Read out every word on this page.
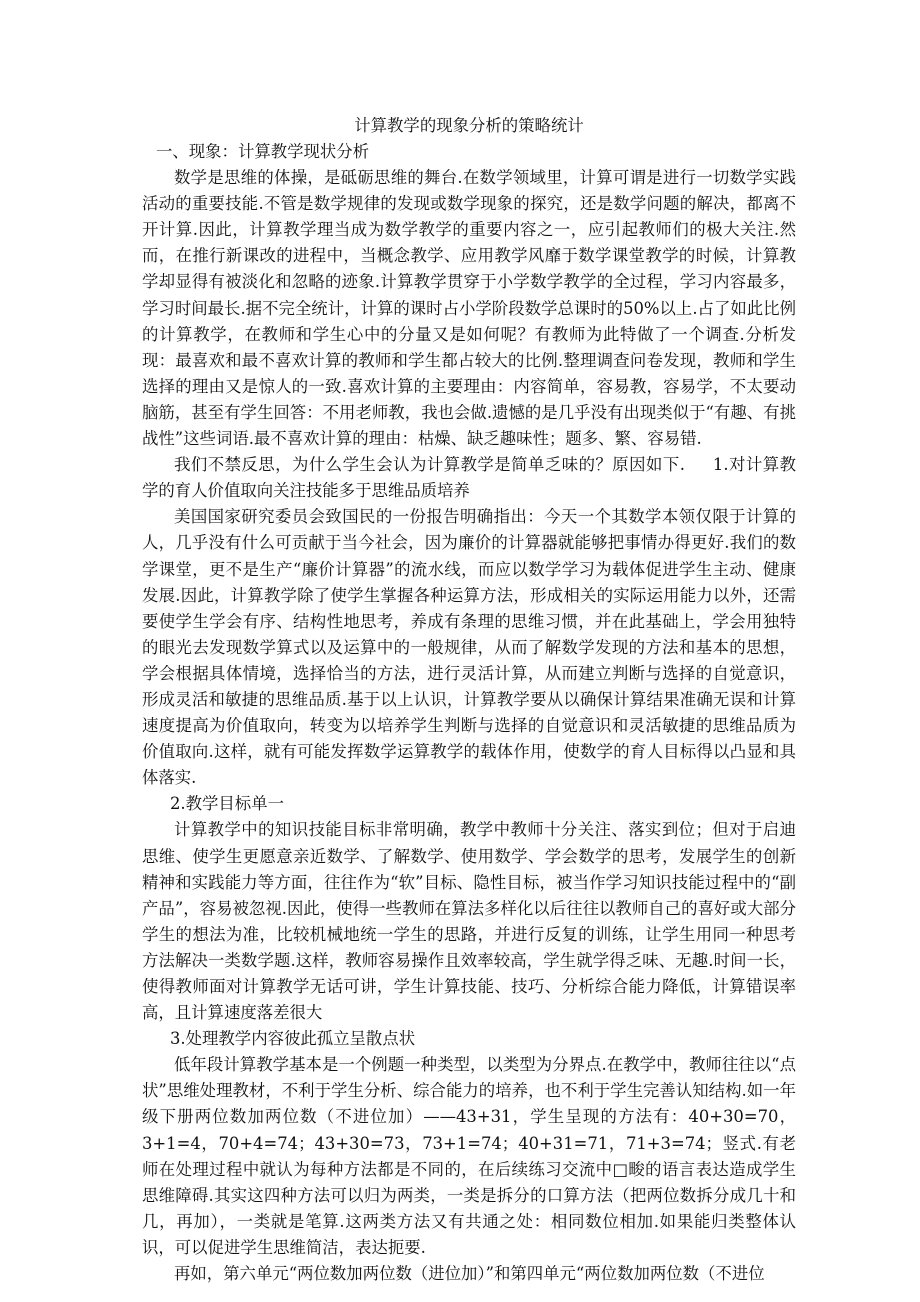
计算教学的现象分析的策略统计

一、现象：计算教学现状分析

数学是思维的体操，是砥砺思维的舞台.在数学领域里，计算可谓是进行一切数学实践活动的重要技能.不管是数学规律的发现或数学现象的探究，还是数学问题的解决，都离不开计算.因此，计算教学理当成为数学教学的重要内容之一，应引起教师们的极大关注.然而，在推行新课改的进程中，当概念教学、应用教学风靡于数学课堂教学的时候，计算教学却显得有被淡化和忽略的迹象.计算教学贯穿于小学数学教学的全过程，学习内容最多，学习时间最长.据不完全统计，计算的课时占小学阶段数学总课时的50%以上.占了如此比例的计算教学，在教师和学生心中的分量又是如何呢？有教师为此特做了一个调查.分析发现：最喜欢和最不喜欢计算的教师和学生都占较大的比例.整理调查问卷发现，教师和学生选择的理由又是惊人的一致.喜欢计算的主要理由：内容简单，容易教，容易学，不太要动脑筋，甚至有学生回答：不用老师教，我也会做.遗憾的是几乎没有出现类似于“有趣、有挑战性”这些词语.最不喜欢计算的理由：枯燥、缺乏趣味性；题多、繁、容易错.

我们不禁反思，为什么学生会认为计算教学是简单乏味的？原因如下. 1.对计算教学的育人价值取向关注技能多于思维品质培养

美国国家研究委员会致国民的一份报告明确指出：今天一个其数学本领仅限于计算的人，几乎没有什么可贡献于当今社会，因为廉价的计算器就能够把事情办得更好.我们的数学课堂，更不是生产“廉价计算器”的流水线，而应以数学学习为载体促进学生主动、健康发展.因此，计算教学除了使学生掌握各种运算方法，形成相关的实际运用能力以外，还需要使学生学会有序、结构性地思考，养成有条理的思维习惯，并在此基础上，学会用独特的眼光去发现数学算式以及运算中的一般规律，从而了解数学发现的方法和基本的思想，学会根据具体情境，选择恰当的方法，进行灵活计算，从而建立判断与选择的自觉意识，形成灵活和敏捷的思维品质.基于以上认识，计算教学要从以确保计算结果准确无误和计算速度提高为价值取向，转变为以培养学生判断与选择的自觉意识和灵活敏捷的思维品质为价值取向.这样，就有可能发挥数学运算教学的载体作用，使数学的育人目标得以凸显和具体落实.

2.教学目标单一

计算教学中的知识技能目标非常明确，教学中教师十分关注、落实到位；但对于启迪思维、使学生更愿意亲近数学、了解数学、使用数学、学会数学的思考，发展学生的创新精神和实践能力等方面，往往作为“软”目标、隐性目标，被当作学习知识技能过程中的“副产品”，容易被忽视.因此，使得一些教师在算法多样化以后往往以教师自己的喜好或大部分学生的想法为准，比较机械地统一学生的思路，并进行反复的训练，让学生用同一种思考方法解决一类数学题.这样，教师容易操作且效率较高，学生就学得乏味、无趣.时间一长，使得教师面对计算教学无话可讲，学生计算技能、技巧、分析综合能力降低，计算错误率高，且计算速度落差很大

3.处理教学内容彼此孤立呈散点状

低年段计算教学基本是一个例题一种类型，以类型为分界点.在教学中，教师往往以“点状”思维处理教材，不利于学生分析、综合能力的培养，也不利于学生完善认知结构.如一年级下册两位数加两位数（不进位加）——43+31，学生呈现的方法有：40+30=70，3+1=4，70+4=74；43+30=73，73+1=74；40+31=71，71+3=74；竖式.有老师在处理过程中就认为每种方法都是不同的，在后续练习交流中□畯的语言表达造成学生思维障碍.其实这四种方法可以归为两类，一类是拆分的口算方法（把两位数拆分成几十和几，再加），一类就是笔算.这两类方法又有共通之处：相同数位相加.如果能归类整体认识，可以促进学生思维简洁，表达扼要.

再如，第六单元“两位数加两位数（进位加）”和第四单元“两位数加两位数（不进位
